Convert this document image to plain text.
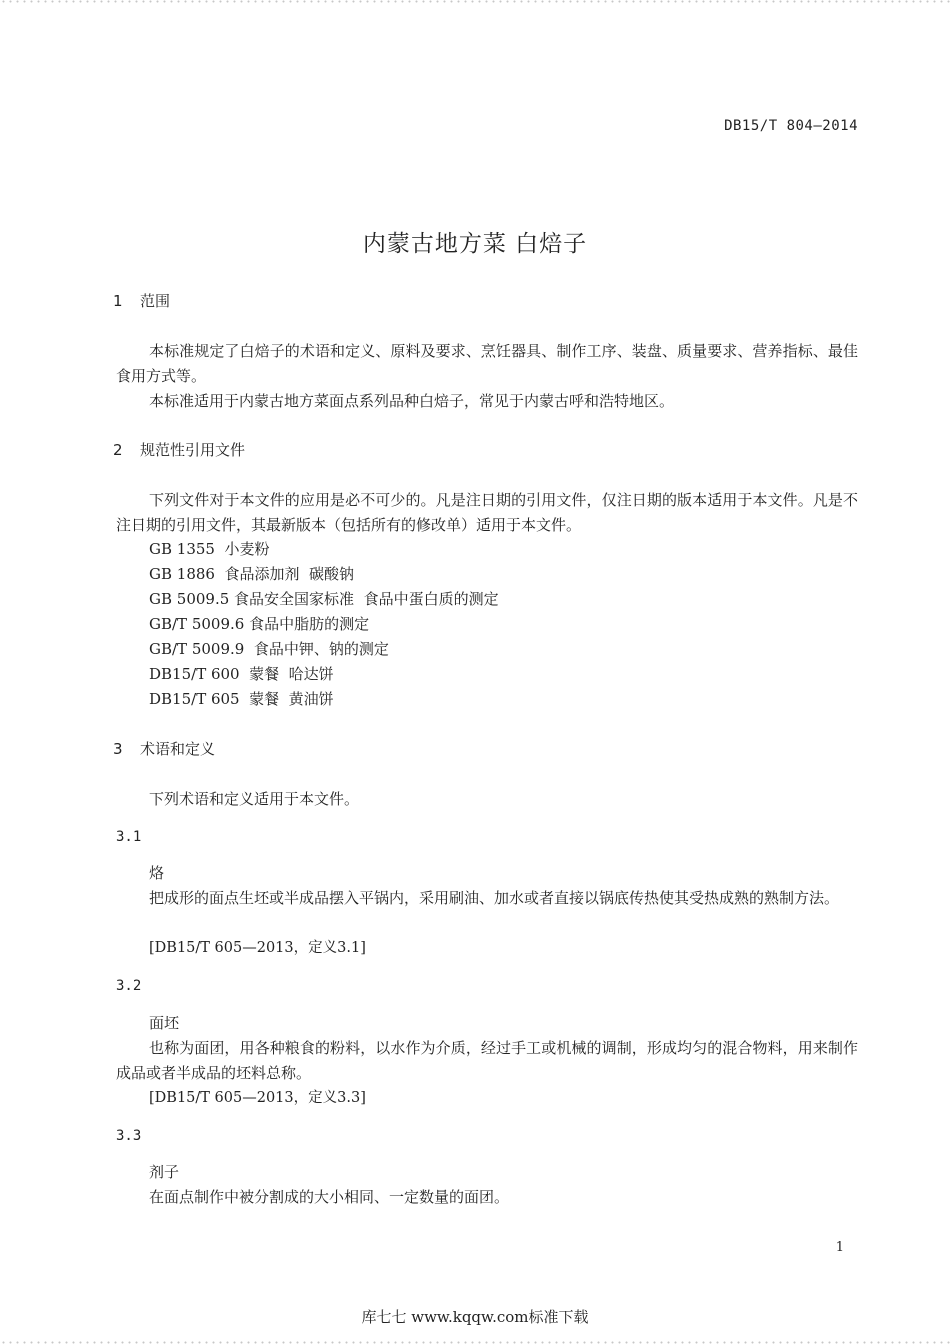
DB15/T 804—2014
内蒙古地方菜 白焙子
1 范围

本标准规定了白焙子的术语和定义、原料及要求、烹饪器具、制作工序、装盘、质量要求、营养指标、最佳食用方式等。

本标准适用于内蒙古地方菜面点系列品种白焙子，常见于内蒙古呼和浩特地区。

2 规范性引用文件

下列文件对于本文件的应用是必不可少的。凡是注日期的引用文件，仅注日期的版本适用于本文件。凡是不注日期的引用文件，其最新版本（包括所有的修改单）适用于本文件。

GB 1355  小麦粉
GB 1886  食品添加剂  碳酸钠
GB 5009.5 食品安全国家标准  食品中蛋白质的测定
GB/T 5009.6 食品中脂肪的测定
GB/T 5009.9  食品中钾、钠的测定
DB15/T 600  蒙餐  哈达饼
DB15/T 605  蒙餐  黄油饼
3 术语和定义

下列术语和定义适用于本文件。

3.1
烙

把成形的面点生坯或半成品摆入平锅内，采用刷油、加水或者直接以锅底传热使其受热成熟的熟制方法。

[DB15/T 605—2013，定义3.1]
3.2
面坯

也称为面团，用各种粮食的粉料，以水作为介质，经过手工或机械的调制，形成均匀的混合物料，用来制作成品或者半成品的坯料总称。

[DB15/T 605—2013，定义3.3]
3.3
剂子

在面点制作中被分割成的大小相同、一定数量的面团。

1
库七七 www.kqqw.com标准下载
